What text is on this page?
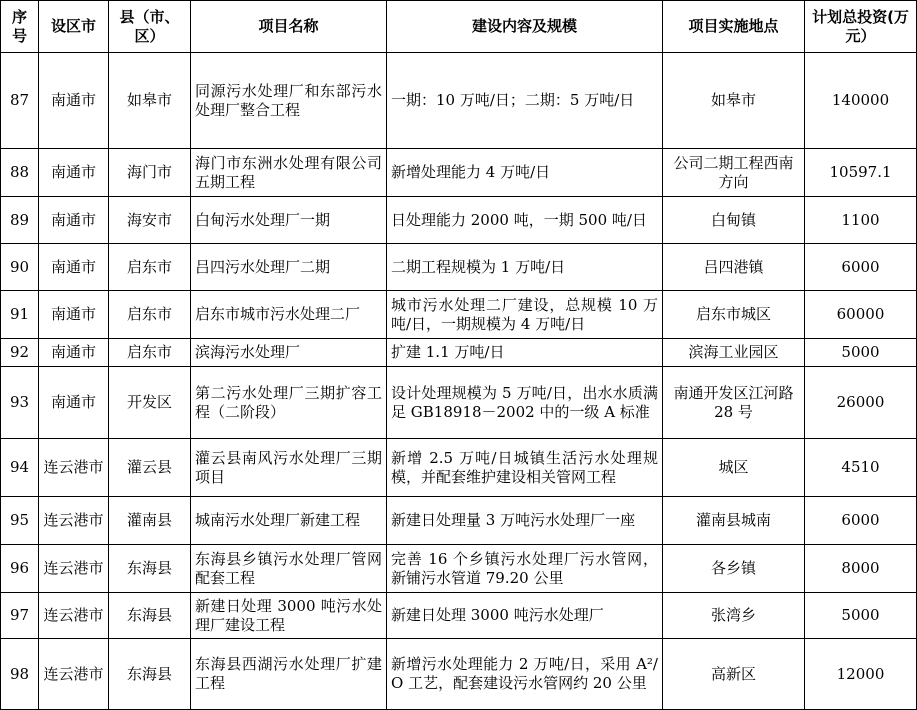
序号	设区市	县（市、区）	项目名称	建设内容及规模	项目实施地点	计划总投资(万元）
87	南通市	如皋市	同源污水处理厂和东部污水处理厂整合工程	一期：10 万吨/日；二期：5 万吨/日	如皋市	140000
88	南通市	海门市	海门市东洲水处理有限公司五期工程	新增处理能力 4 万吨/日	公司二期工程西南方向	10597.1
89	南通市	海安市	白甸污水处理厂一期	日处理能力 2000 吨，一期 500 吨/日	白甸镇	1100
90	南通市	启东市	吕四污水处理厂二期	二期工程规模为 1 万吨/日	吕四港镇	6000
91	南通市	启东市	启东市城市污水处理二厂	城市污水处理二厂建设，总规模 10 万吨/日，一期规模为 4 万吨/日	启东市城区	60000
92	南通市	启东市	滨海污水处理厂	扩建 1.1 万吨/日	滨海工业园区	5000
93	南通市	开发区	第二污水处理厂三期扩容工程（二阶段）	设计处理规模为 5 万吨/日，出水水质满足 GB18918－2002 中的一级 A 标准	南通开发区江河路 28 号	26000
94	连云港市	灌云县	灌云县南风污水处理厂三期项目	新增 2.5 万吨/日城镇生活污水处理规模，并配套维护建设相关管网工程	城区	4510
95	连云港市	灌南县	城南污水处理厂新建工程	新建日处理量 3 万吨污水处理厂一座	灌南县城南	6000
96	连云港市	东海县	东海县乡镇污水处理厂管网配套工程	完善 16 个乡镇污水处理厂污水管网，新铺污水管道 79.20 公里	各乡镇	8000
97	连云港市	东海县	新建日处理 3000 吨污水处理厂建设工程	新建日处理 3000 吨污水处理厂	张湾乡	5000
98	连云港市	东海县	东海县西湖污水处理厂扩建工程	新增污水处理能力 2 万吨/日，采用 A²/O 工艺，配套建设污水管网约 20 公里	高新区	12000
